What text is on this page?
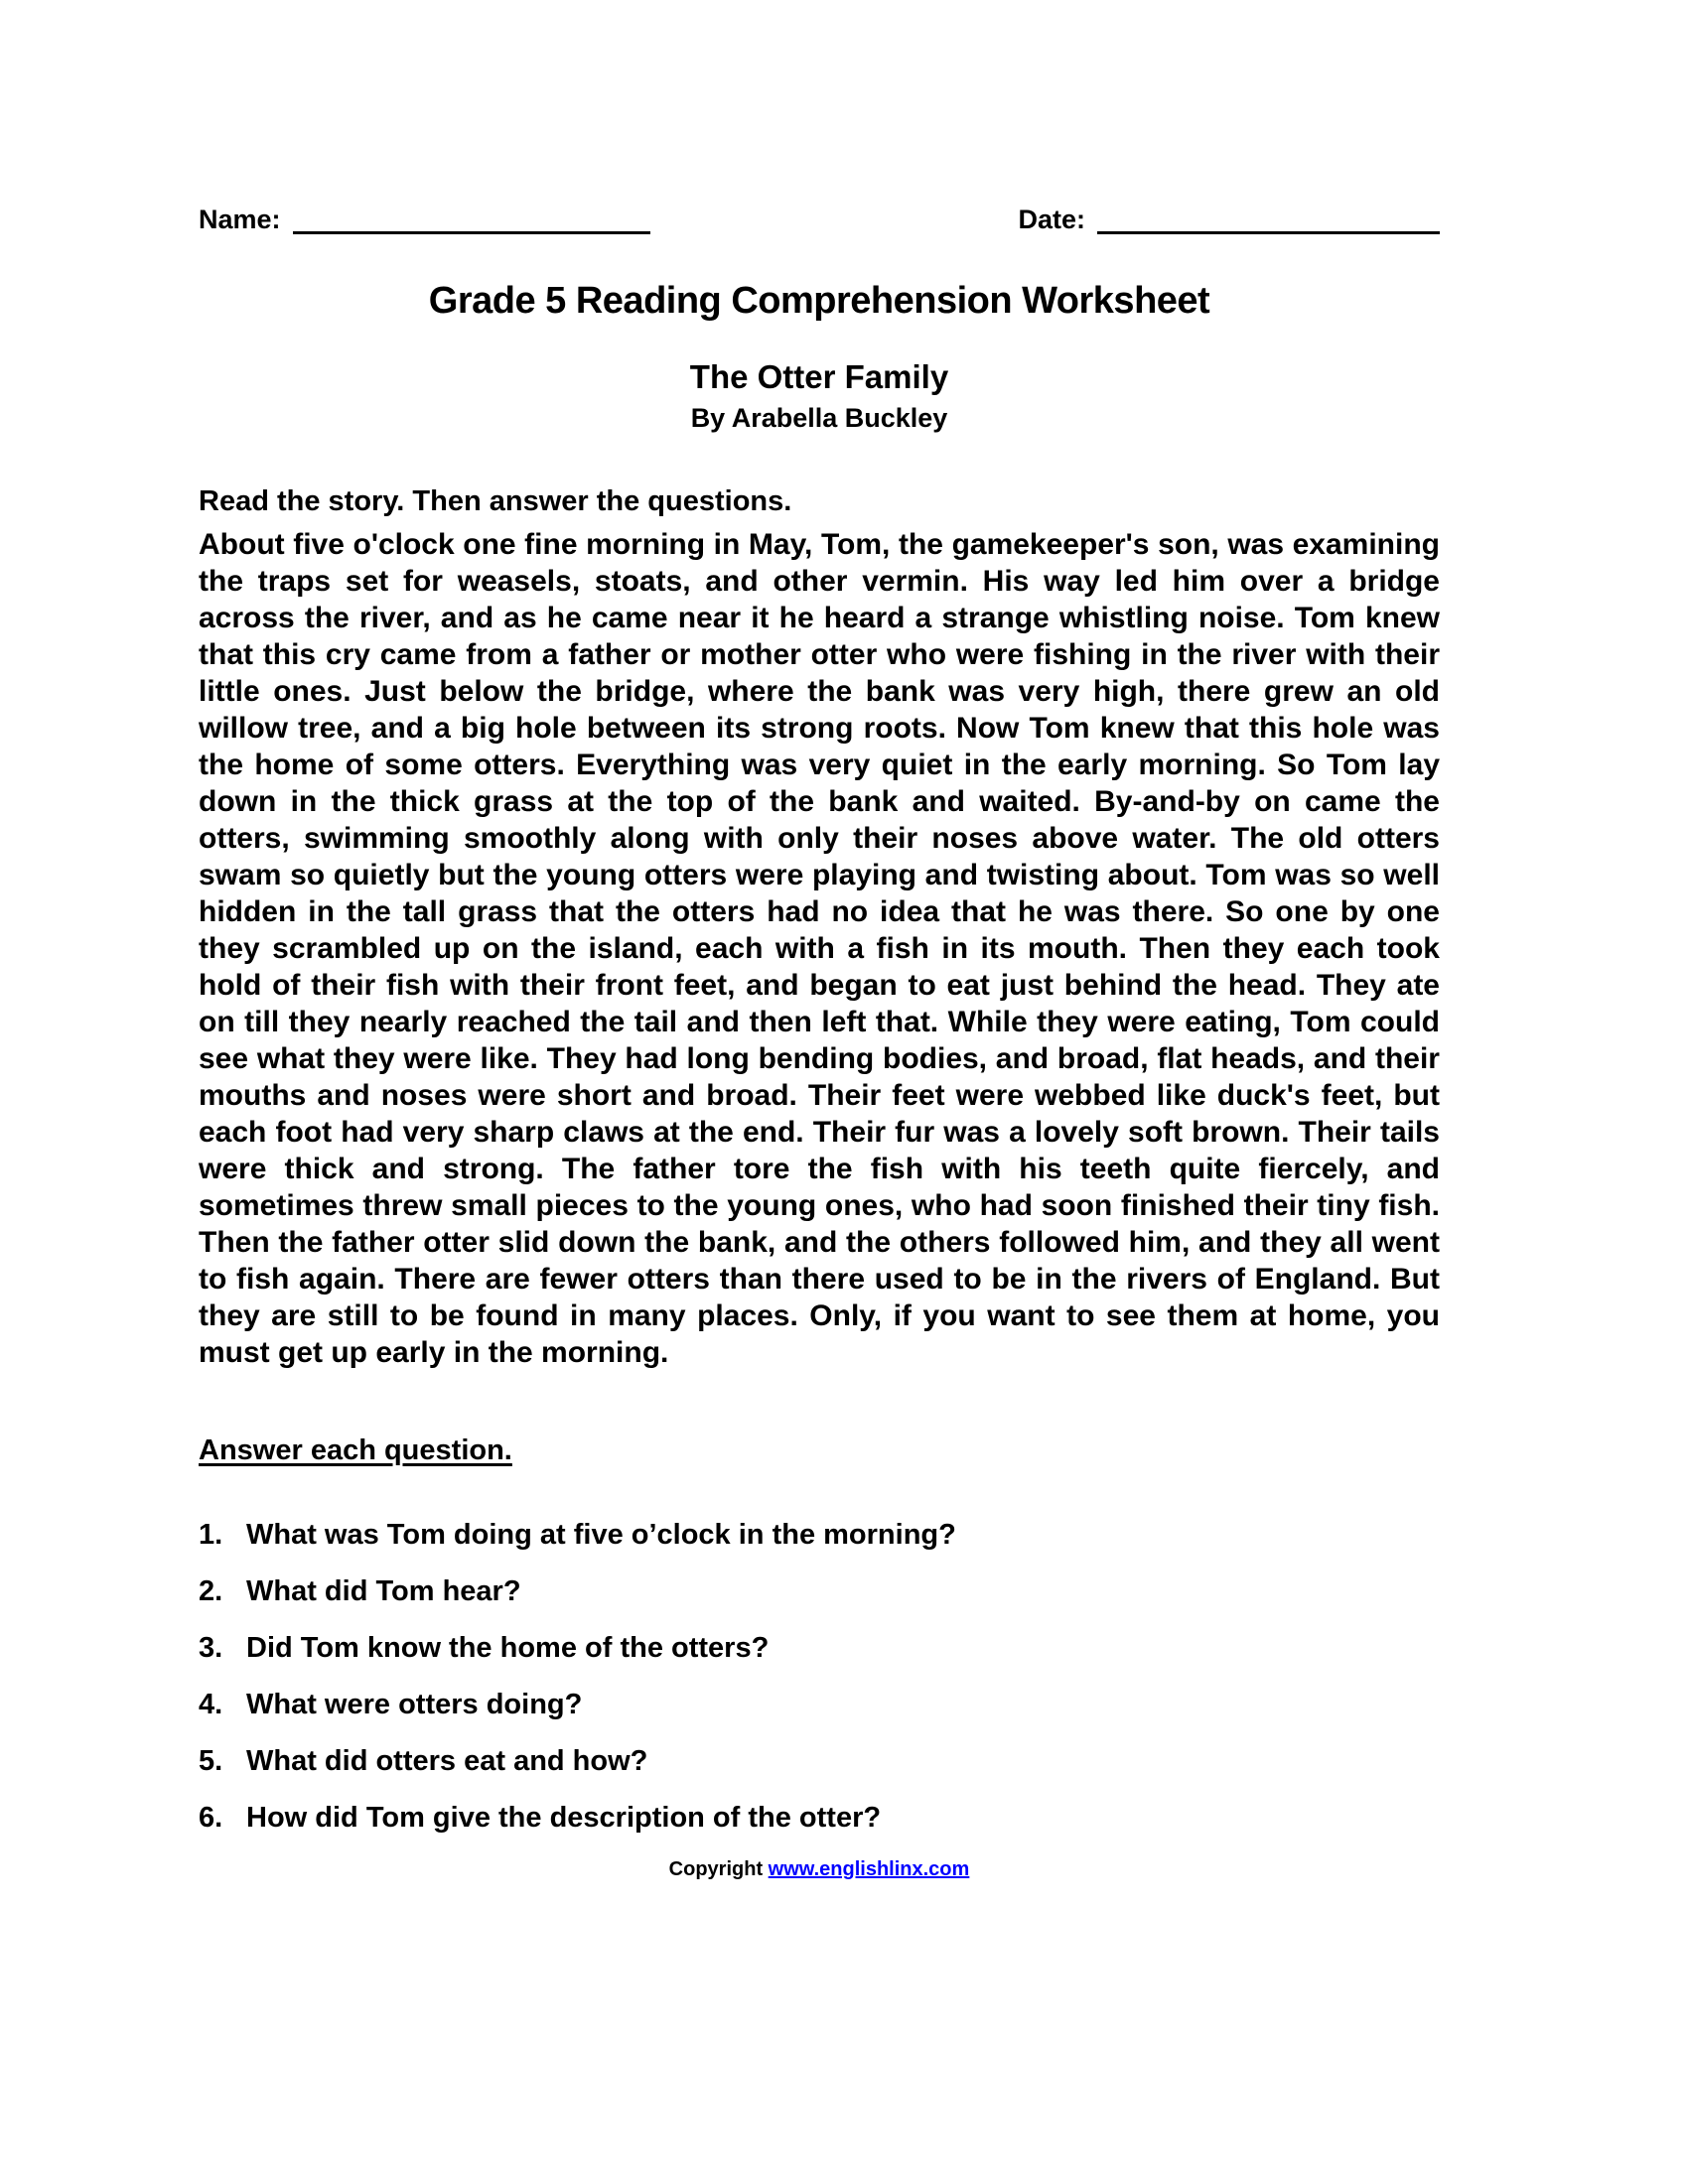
Name:	Date:
Grade 5 Reading Comprehension Worksheet
The Otter Family
By Arabella Buckley

Read the story. Then answer the questions.

About five o'clock one fine morning in May, Tom, the gamekeeper's son, was examining the traps set for weasels, stoats, and other vermin. His way led him over a bridge across the river, and as he came near it he heard a strange whistling noise. Tom knew that this cry came from a father or mother otter who were fishing in the river with their little ones. Just below the bridge, where the bank was very high, there grew an old willow tree, and a big hole between its strong roots. Now Tom knew that this hole was the home of some otters. Everything was very quiet in the early morning. So Tom lay down in the thick grass at the top of the bank and waited. By-and-by on came the otters, swimming smoothly along with only their noses above water. The old otters swam so quietly but the young otters were playing and twisting about. Tom was so well hidden in the tall grass that the otters had no idea that he was there. So one by one they scrambled up on the island, each with a fish in its mouth. Then they each took hold of their fish with their front feet, and began to eat just behind the head. They ate on till they nearly reached the tail and then left that. While they were eating, Tom could see what they were like. They had long bending bodies, and broad, flat heads, and their mouths and noses were short and broad. Their feet were webbed like duck's feet, but each foot had very sharp claws at the end. Their fur was a lovely soft brown. Their tails were thick and strong. The father tore the fish with his teeth quite fiercely, and sometimes threw small pieces to the young ones, who had soon finished their tiny fish. Then the father otter slid down the bank, and the others followed him, and they all went to fish again. There are fewer otters than there used to be in the rivers of England. But they are still to be found in many places. Only, if you want to see them at home, you must get up early in the morning.

Answer each question.

1. What was Tom doing at five o’clock in the morning?
2. What did Tom hear?
3. Did Tom know the home of the otters?
4. What were otters doing?
5. What did otters eat and how?
6. How did Tom give the description of the otter?
Copyright www.englishlinx.com
